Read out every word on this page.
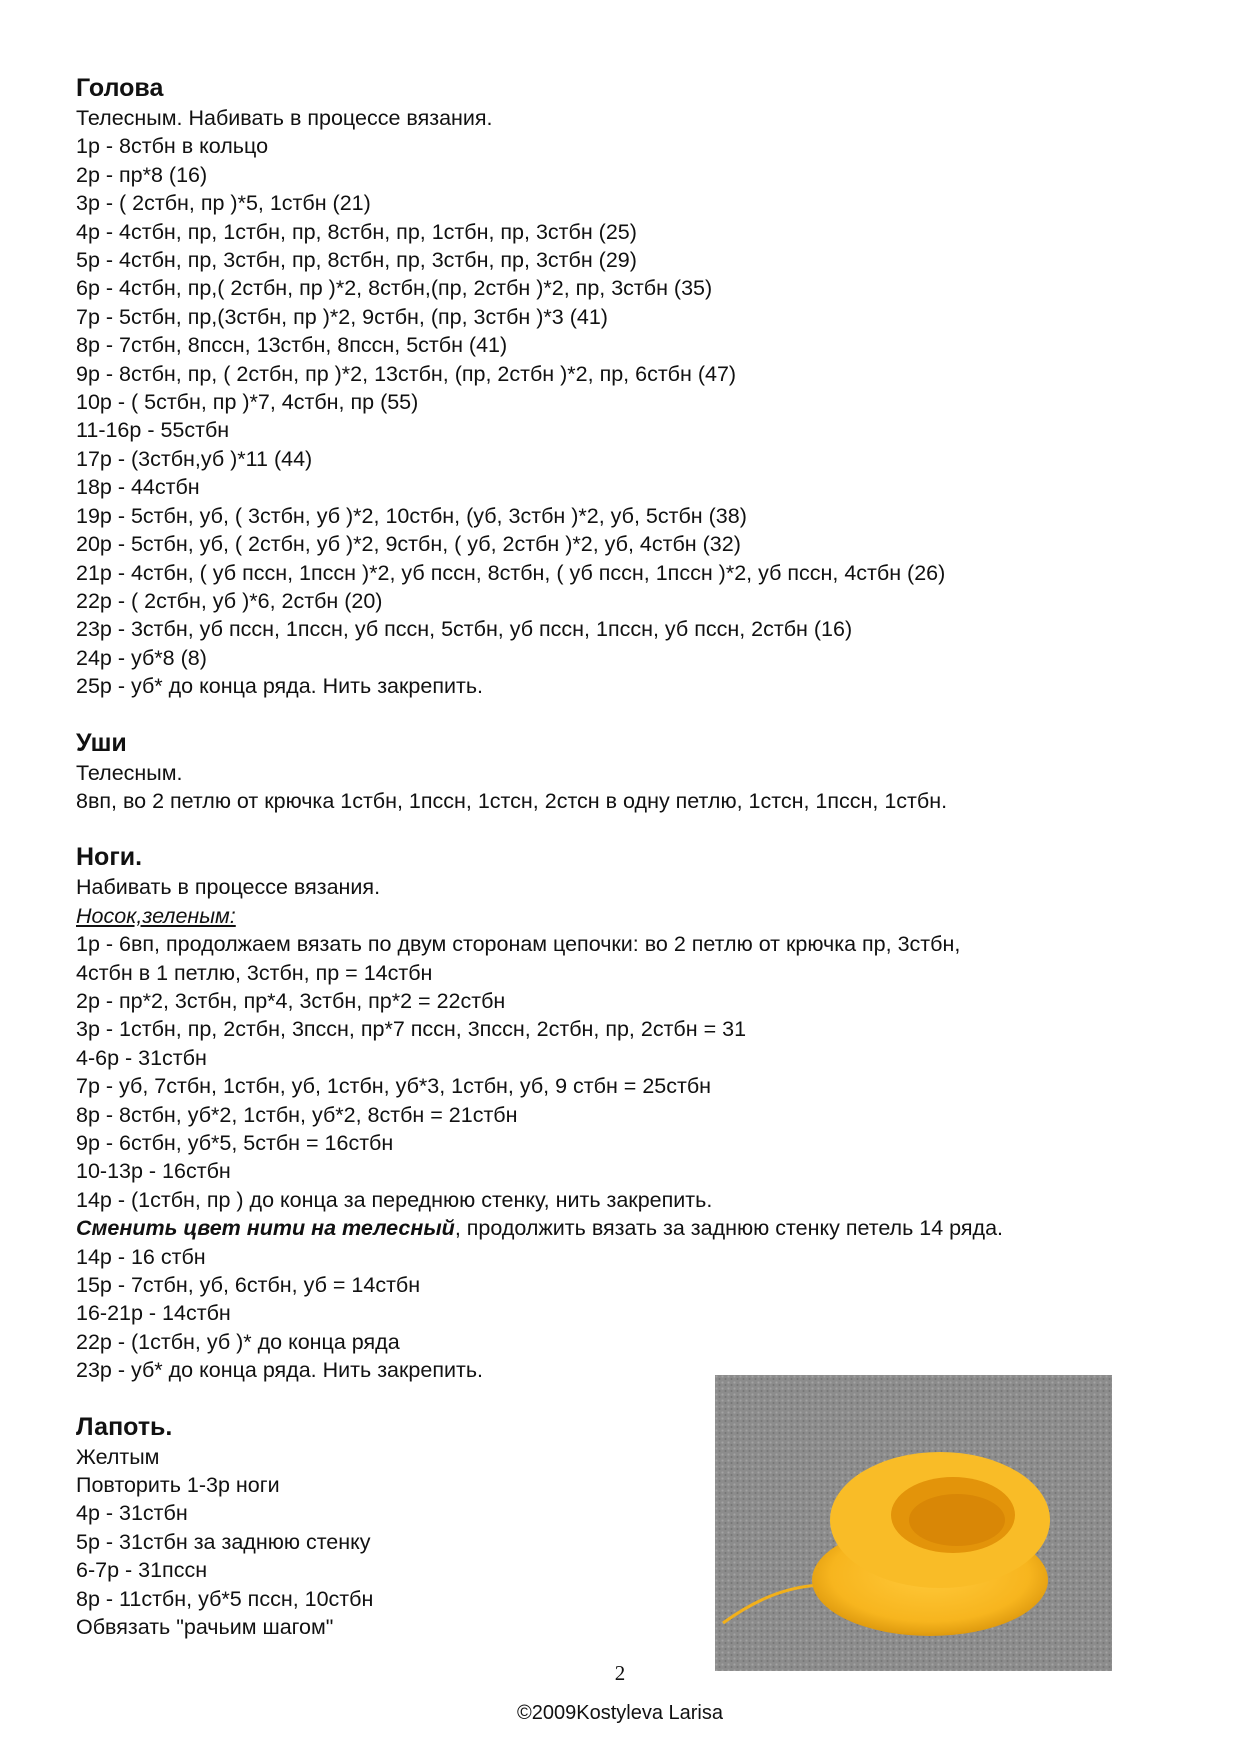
Голова

Телесным. Набивать в процессе вязания.

1р - 8стбн в кольцо

2р - пр*8 (16)

3р - ( 2стбн, пр )*5, 1стбн (21)

4р - 4стбн, пр, 1стбн, пр, 8стбн, пр, 1стбн, пр, 3стбн (25)

5р - 4стбн, пр, 3стбн, пр, 8стбн, пр, 3стбн, пр, 3стбн (29)

6р - 4стбн, пр,( 2стбн, пр )*2, 8стбн,(пр, 2стбн )*2, пр, 3стбн (35)

7р - 5стбн, пр,(3стбн, пр )*2, 9стбн, (пр, 3стбн )*3 (41)

8р - 7стбн, 8пссн, 13стбн, 8пссн, 5стбн (41)

9р - 8стбн, пр, ( 2стбн, пр )*2, 13стбн, (пр, 2стбн )*2, пр, 6стбн (47)

10р - ( 5стбн, пр )*7, 4стбн, пр (55)

11-16р - 55стбн

17р - (3стбн,уб )*11 (44)

18р - 44стбн

19р - 5стбн, уб, ( 3стбн, уб )*2, 10стбн, (уб, 3стбн )*2, уб, 5стбн (38)

20р - 5стбн, уб, ( 2стбн, уб )*2, 9стбн, ( уб, 2стбн )*2, уб, 4стбн (32)

21р - 4стбн, ( уб пссн, 1пссн )*2, уб пссн, 8стбн, ( уб пссн, 1пссн )*2, уб пссн, 4стбн (26)

22р - ( 2стбн, уб )*6, 2стбн (20)

23р - 3стбн, уб пссн, 1пссн, уб пссн, 5стбн, уб пссн, 1пссн, уб пссн, 2стбн (16)

24р - уб*8 (8)

25р - уб* до конца ряда. Нить закрепить.

Уши

Телесным.

8вп, во 2 петлю от крючка 1стбн, 1пссн, 1стсн, 2стсн в одну петлю, 1стсн, 1пссн, 1стбн.

Ноги.

Набивать в процессе вязания.

Носок,зеленым:

1р - 6вп, продолжаем вязать по двум сторонам цепочки: во 2 петлю от крючка пр, 3стбн,

4стбн в 1 петлю, 3стбн, пр = 14стбн

2р - пр*2, 3стбн, пр*4, 3стбн, пр*2 = 22стбн

3р - 1стбн, пр, 2стбн, 3пссн, пр*7 пссн, 3пссн, 2стбн, пр, 2стбн = 31

4-6р - 31стбн

7р - уб, 7стбн, 1стбн, уб, 1стбн, уб*3, 1стбн, уб, 9 стбн = 25стбн

8р - 8стбн, уб*2, 1стбн, уб*2, 8стбн = 21стбн

9р - 6стбн, уб*5, 5стбн = 16стбн

10-13р - 16стбн

14р - (1стбн, пр ) до конца за переднюю стенку, нить закрепить.

Сменить цвет нити на телесный, продолжить вязать за заднюю стенку петель 14 ряда.

14р - 16 стбн

15р - 7стбн, уб, 6стбн, уб = 14стбн

16-21р - 14стбн

22р - (1стбн, уб )* до конца ряда

23р - уб* до конца ряда. Нить закрепить.

Лапоть.

Желтым

Повторить 1-3р ноги

4р - 31стбн

5р - 31стбн за заднюю стенку

6-7р - 31пссн

8р - 11стбн, уб*5 пссн, 10стбн

Обвязать "рачьим шагом"

2
©2009Kostyleva Larisa
